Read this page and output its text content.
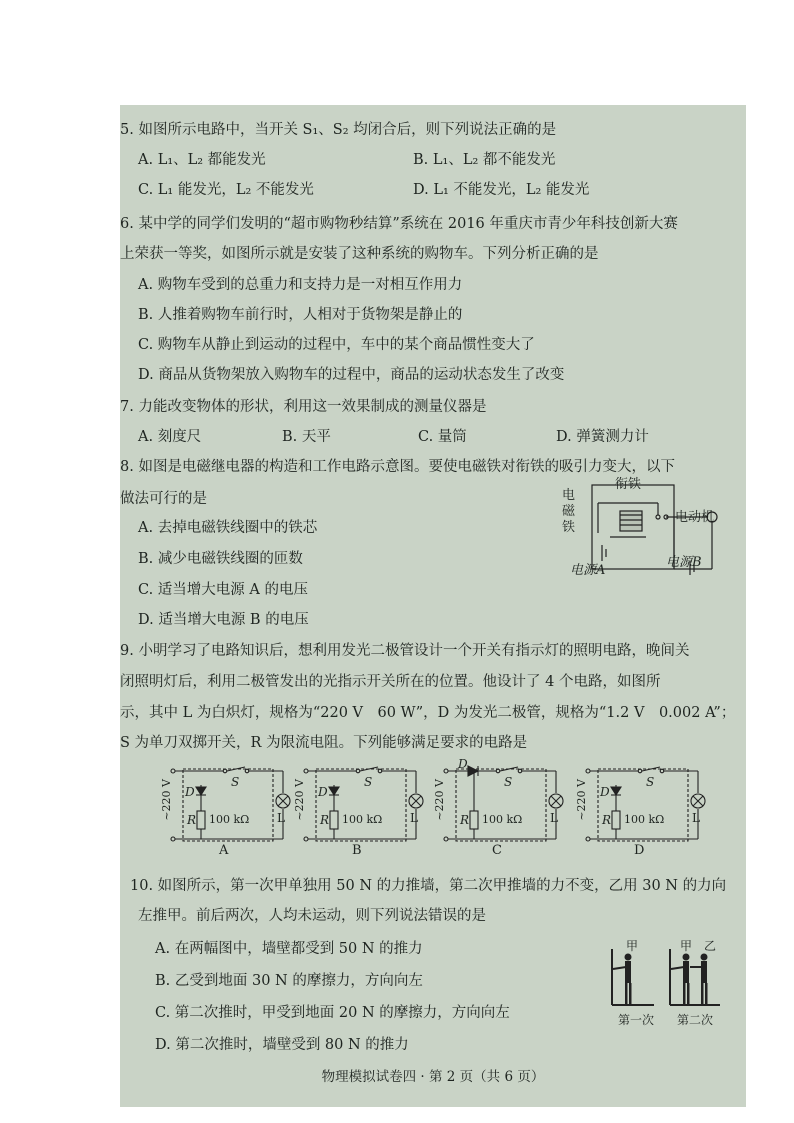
5. 如图所示电路中，当开关 S₁、S₂ 均闭合后，则下列说法正确的是
A. L₁、L₂ 都能发光	B. L₁、L₂ 都不能发光
C. L₁ 能发光，L₂ 不能发光	D. L₁ 不能发光，L₂ 能发光
6. 某中学的同学们发明的“超市购物秒结算”系统在 2016 年重庆市青少年科技创新大赛
上荣获一等奖，如图所示就是安装了这种系统的购物车。下列分析正确的是
A. 购物车受到的总重力和支持力是一对相互作用力
B. 人推着购物车前行时，人相对于货物架是静止的
C. 购物车从静止到运动的过程中，车中的某个商品惯性变大了
D. 商品从货物架放入购物车的过程中，商品的运动状态发生了改变
7. 力能改变物体的形状，利用这一效果制成的测量仪器是
A. 刻度尺	B. 天平	C. 量筒	D. 弹簧测力计
8. 如图是电磁继电器的构造和工作电路示意图。要使电磁铁对衔铁的吸引力变大，以下
做法可行的是
A. 去掉电磁铁线圈中的铁芯
B. 减少电磁铁线圈的匝数
C. 适当增大电源 A 的电压
D. 适当增大电源 B 的电压
电磁铁
衔铁
电动机
电源A
电源B
9. 小明学习了电路知识后，想利用发光二极管设计一个开关有指示灯的照明电路，晚间关
闭照明灯后，利用二极管发出的光指示开关所在的位置。他设计了 4 个电路，如图所
示，其中 L 为白炽灯，规格为“220 V　60 W”，D 为发光二极管，规格为“1.2 V　0.002 A”；
S 为单刀双掷开关，R 为限流电阻。下列能够满足要求的电路是
~220 V D
S
R 100 kΩ L
A
~220 V D
S
R 100 kΩ L
B
~220 V
D
S
R 100 kΩ L
C
~220 V D
S
R 100 kΩ L
D
10. 如图所示，第一次甲单独用 50 N 的力推墙，第二次甲推墙的力不变，乙用 30 N 的力向
左推甲。前后两次，人均未运动，则下列说法错误的是
A. 在两幅图中，墙壁都受到 50 N 的推力
B. 乙受到地面 30 N 的摩擦力，方向向左
C. 第二次推时，甲受到地面 20 N 的摩擦力，方向向左
D. 第二次推时，墙壁受到 80 N 的推力
甲	甲 乙
第一次 第二次
物理模拟试卷四 · 第 2 页（共 6 页）
